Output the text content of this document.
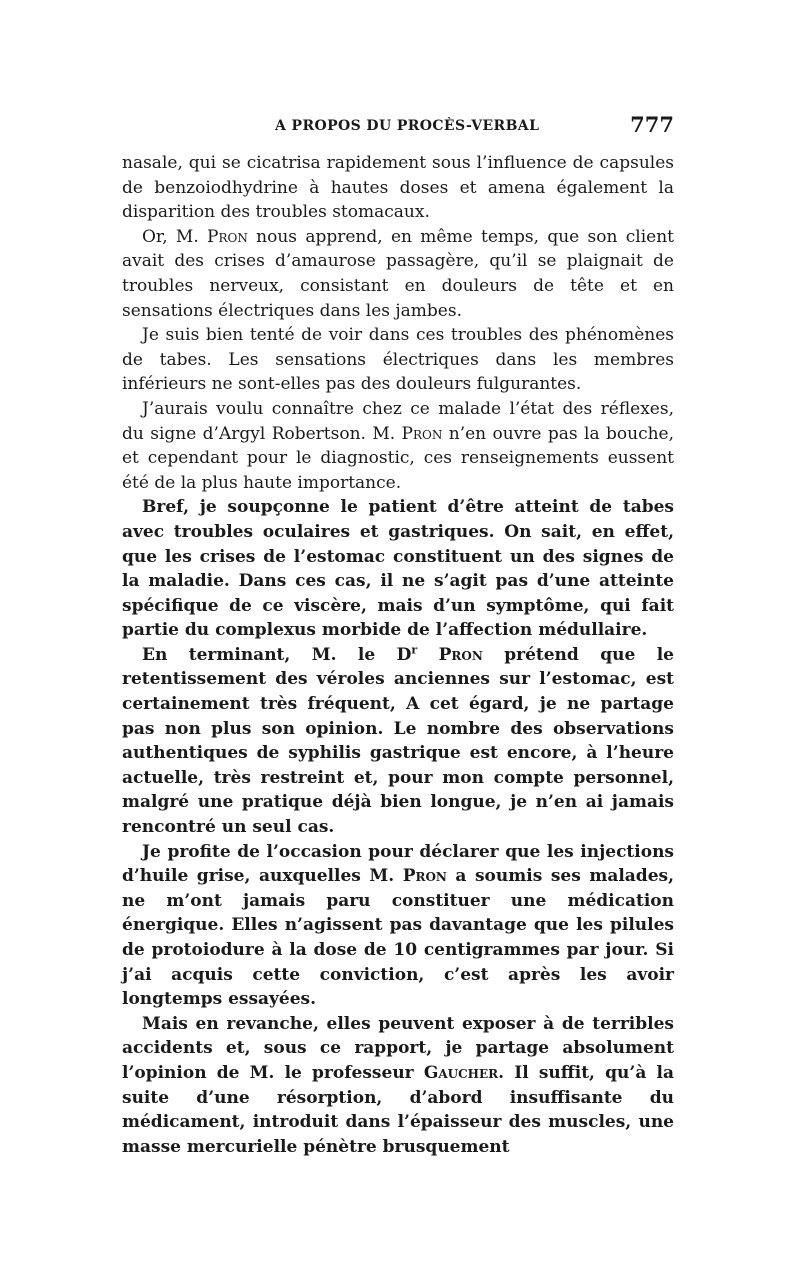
A PROPOS DU PROCÈS-VERBAL	777

nasale, qui se cicatrisa rapidement sous l’influence de capsules de benzoiodhydrine à hautes doses et amena également la disparition des troubles stomacaux.

Or, M. Pron nous apprend, en même temps, que son client avait des crises d’amaurose passagère, qu’il se plaignait de troubles nerveux, consistant en douleurs de tête et en sensations électriques dans les jambes.

Je suis bien tenté de voir dans ces troubles des phénomènes de tabes. Les sensations électriques dans les membres inférieurs ne sont-elles pas des douleurs fulgurantes.

J’aurais voulu connaître chez ce malade l’état des réflexes, du signe d’Argyl Robertson. M. Pron n’en ouvre pas la bouche, et cependant pour le diagnostic, ces renseignements eussent été de la plus haute importance.

Bref, je soupçonne le patient d’être atteint de tabes avec troubles oculaires et gastriques. On sait, en effet, que les crises de l’estomac constituent un des signes de la maladie. Dans ces cas, il ne s’agit pas d’une atteinte spécifique de ce viscère, mais d’un symptôme, qui fait partie du complexus morbide de l’affection médullaire.

En terminant, M. le $D^r$ Pron prétend que le retentissement des véroles anciennes sur l’estomac, est certainement très fréquent, A cet égard, je ne partage pas non plus son opinion. Le nombre des observations authentiques de syphilis gastrique est encore, à l’heure actuelle, très restreint et, pour mon compte personnel, malgré une pratique déjà bien longue, je n’en ai jamais rencontré un seul cas.

Je profite de l’occasion pour déclarer que les injections d’huile grise, auxquelles M. Pron a soumis ses malades, ne m’ont jamais paru constituer une médication énergique. Elles n’agissent pas davantage que les pilules de protoiodure à la dose de 10 centigrammes par jour. Si j’ai acquis cette conviction, c’est après les avoir longtemps essayées.

Mais en revanche, elles peuvent exposer à de terribles accidents et, sous ce rapport, je partage absolument l’opinion de M. le professeur Gaucher. Il suffit, qu’à la suite d’une résorption, d’abord insuffisante du médicament, introduit dans l’épaisseur des muscles, une masse mercurielle pénètre brusquement
